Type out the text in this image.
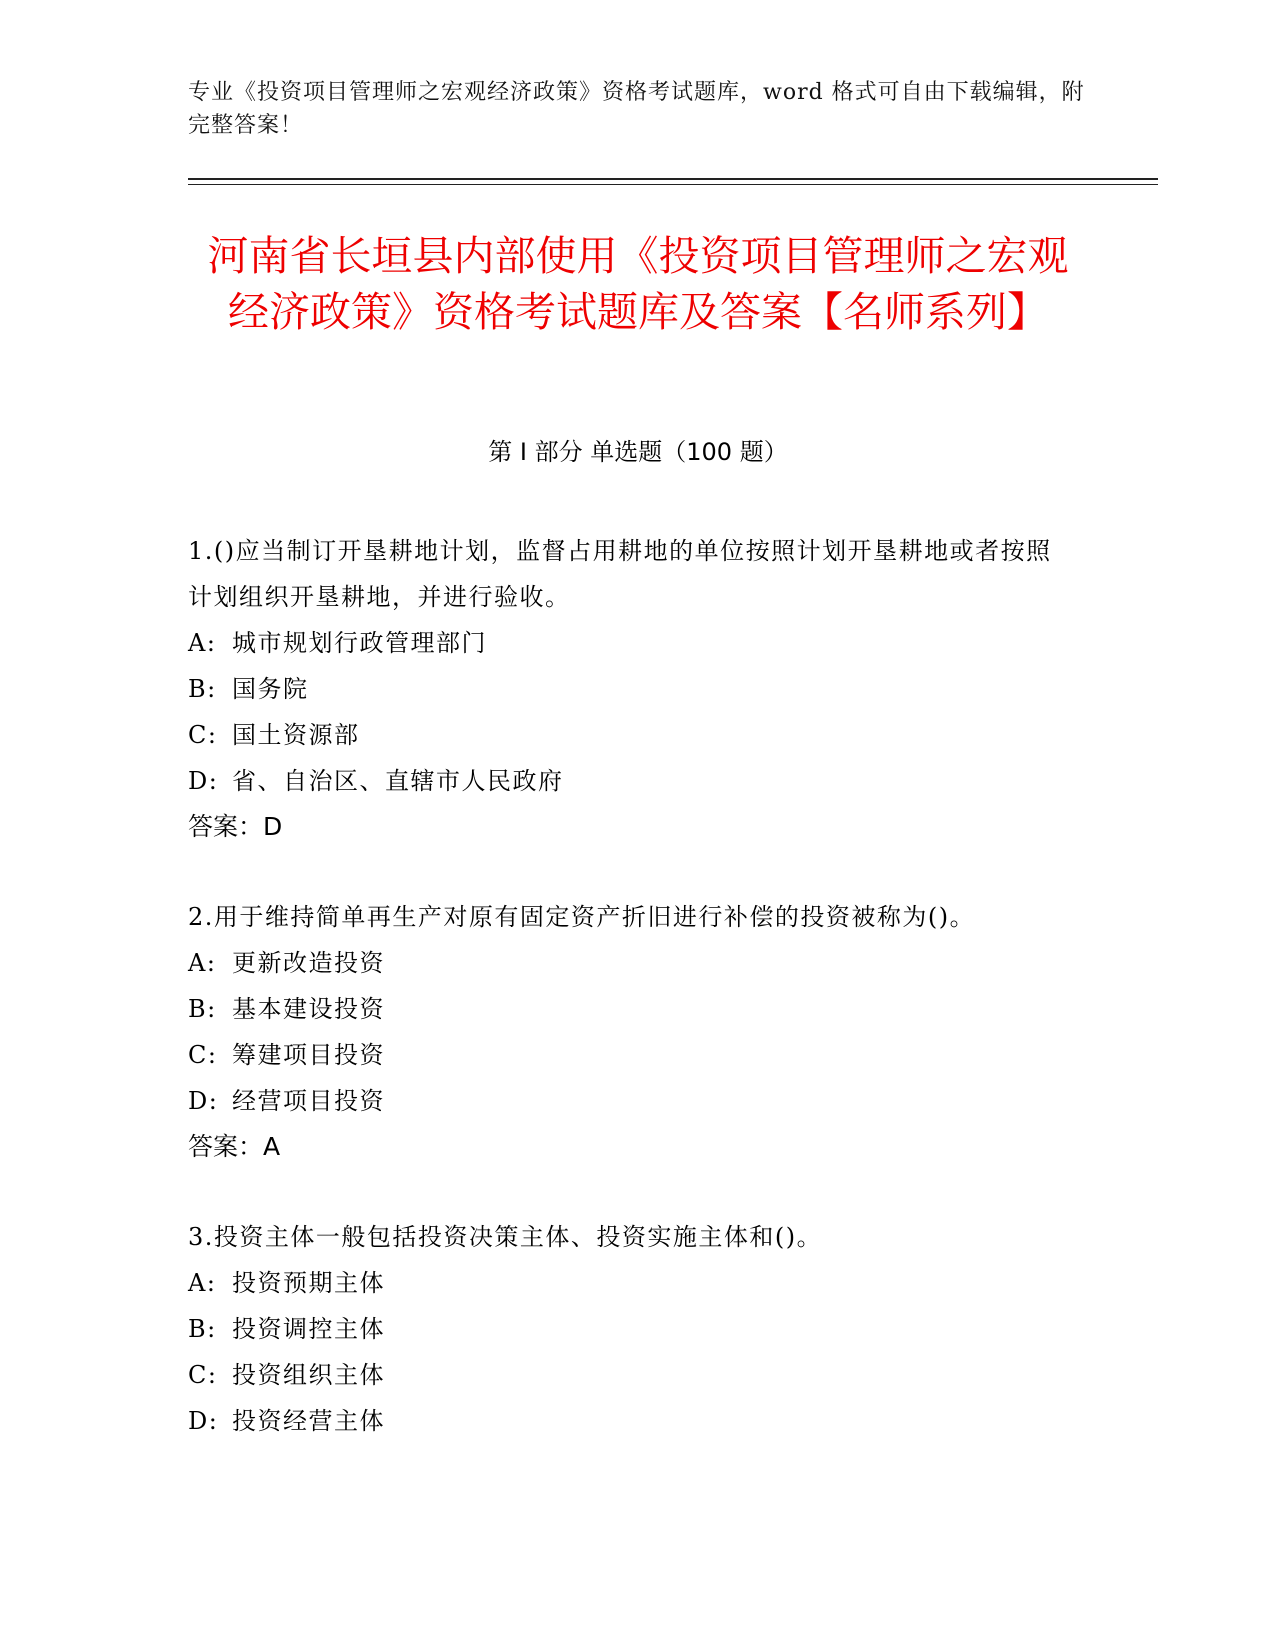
专业《投资项目管理师之宏观经济政策》资格考试题库，word 格式可自由下载编辑，附完整答案！
河南省长垣县内部使用《投资项目管理师之宏观经济政策》资格考试题库及答案【名师系列】
第 I 部分 单选题（100 题）
1.()应当制订开垦耕地计划，监督占用耕地的单位按照计划开垦耕地或者按照计划组织开垦耕地，并进行验收。
A: 城市规划行政管理部门
B: 国务院
C: 国土资源部
D: 省、自治区、直辖市人民政府
答案：D
2.用于维持简单再生产对原有固定资产折旧进行补偿的投资被称为()。
A: 更新改造投资
B: 基本建设投资
C: 筹建项目投资
D: 经营项目投资
答案：A
3.投资主体一般包括投资决策主体、投资实施主体和()。
A: 投资预期主体
B: 投资调控主体
C: 投资组织主体
D: 投资经营主体
